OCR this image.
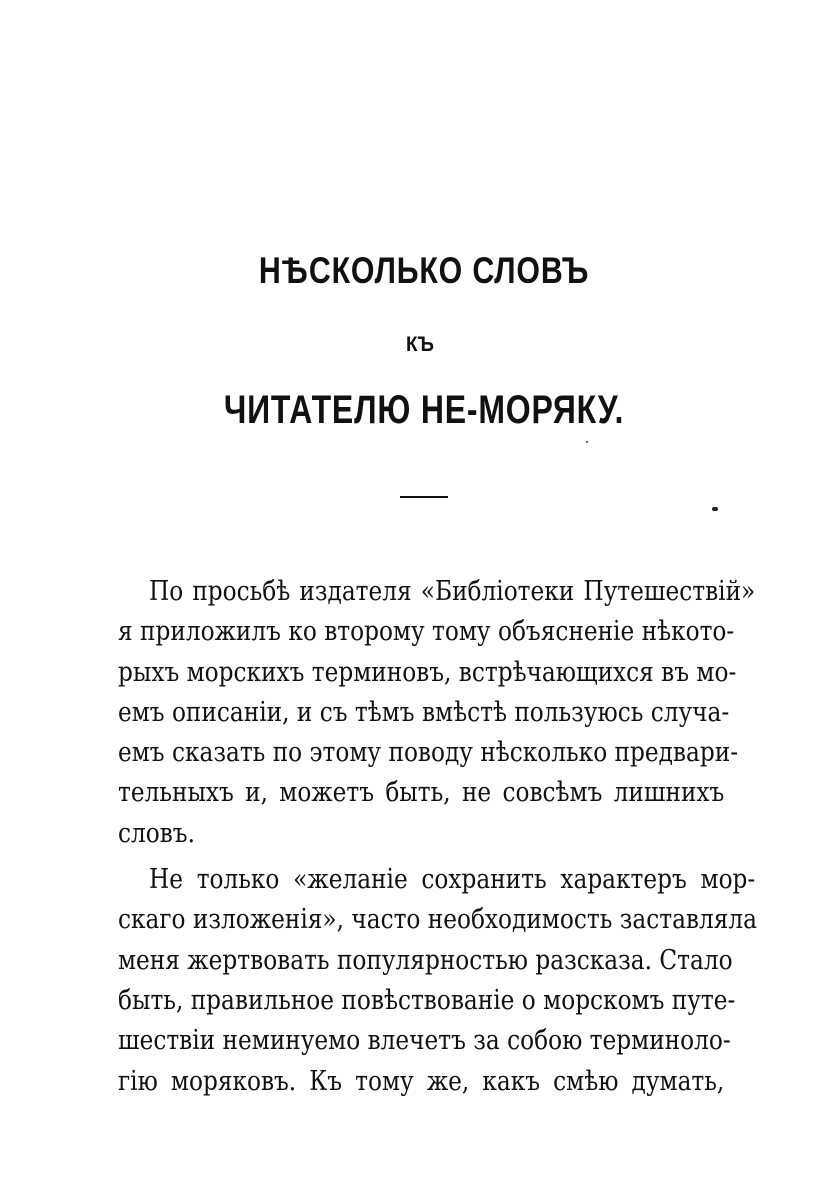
НѢСКОЛЬКО СЛОВЪ
КЪ
ЧИТАТЕЛЮ НЕ-МОРЯКУ.
По просьбѣ издателя «Библіотеки Путешествій»
я приложилъ ко второму тому объясненіе нѣкото-
рыхъ морскихъ терминовъ, встрѣчающихся въ мо-
емъ описаніи, и съ тѣмъ вмѣстѣ пользуюсь случа-
емъ сказать по этому поводу нѣсколько предвари-
тельныхъ и, можетъ быть, не совсѣмъ лишнихъ
словъ.
Не только «желаніе сохранить характеръ мор-
скаго изложенія», часто необходимость заставляла
меня жертвовать популярностью разсказа. Стало
быть, правильное повѣствованіе о морскомъ путе-
шествіи неминуемо влечетъ за собою терминоло-
гію моряковъ. Къ тому же, какъ смѣю думать,
